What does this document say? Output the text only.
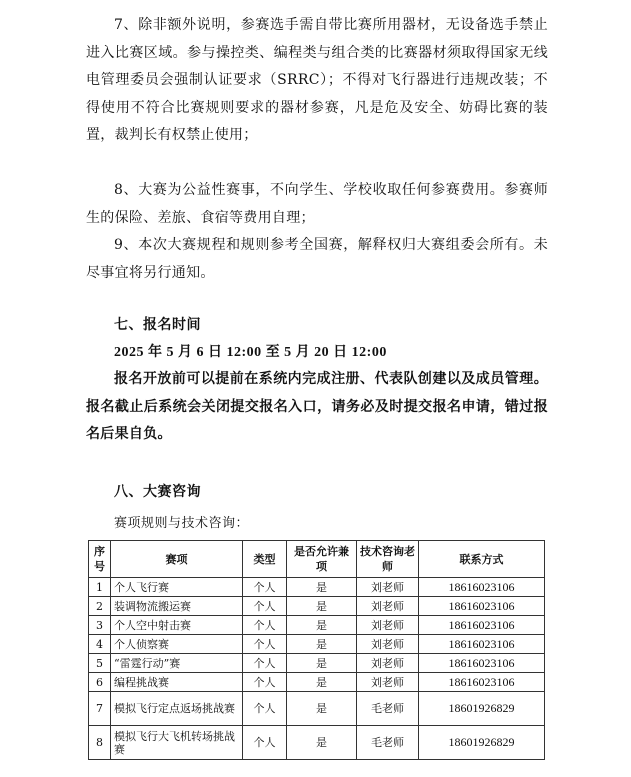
7、除非额外说明，参赛选手需自带比赛所用器材，无设备选手禁止进入比赛区域。参与操控类、编程类与组合类的比赛器材须取得国家无线电管理委员会强制认证要求（SRRC）；不得对飞行器进行违规改装；不得使用不符合比赛规则要求的器材参赛，凡是危及安全、妨碍比赛的装置，裁判长有权禁止使用；

8、大赛为公益性赛事，不向学生、学校收取任何参赛费用。参赛师生的保险、差旅、食宿等费用自理；

9、本次大赛规程和规则参考全国赛，解释权归大赛组委会所有。未尽事宜将另行通知。

七、报名时间

2025 年 5 月 6 日 12:00 至 5 月 20 日 12:00

报名开放前可以提前在系统内完成注册、代表队创建以及成员管理。报名截止后系统会关闭提交报名入口，请务必及时提交报名申请，错过报名后果自负。

八、大赛咨询

赛项规则与技术咨询：

序号	赛项	类型	是否允许兼项	技术咨询老师	联系方式
1	个人飞行赛	个人	是	刘老师	18616023106
2	装调物流搬运赛	个人	是	刘老师	18616023106
3	个人空中射击赛	个人	是	刘老师	18616023106
4	个人侦察赛	个人	是	刘老师	18616023106
5	“雷霆行动”赛	个人	是	刘老师	18616023106
6	编程挑战赛	个人	是	刘老师	18616023106
7	模拟飞行定点返场挑战赛	个人	是	毛老师	18601926829
8	模拟飞行大飞机转场挑战赛	个人	是	毛老师	18601926829
